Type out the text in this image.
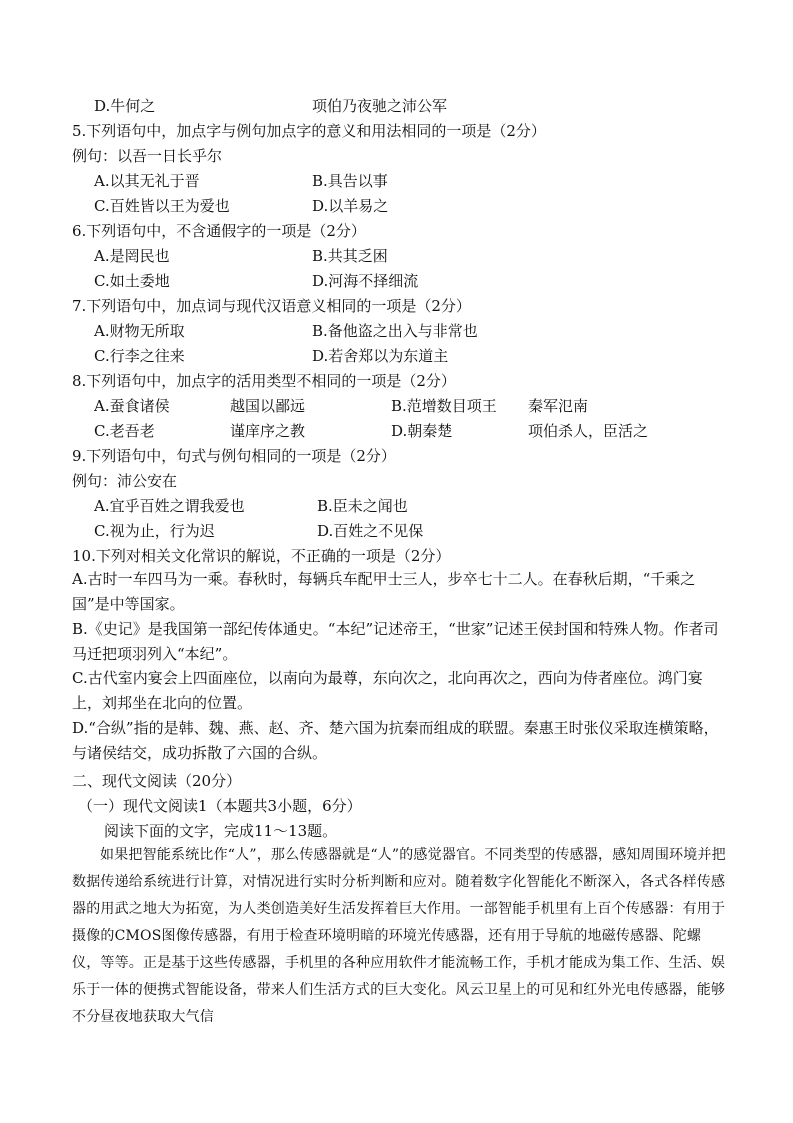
D.牛何之	项伯乃夜驰之沛公军
5.下列语句中，加点字与例句加点字的意义和用法相同的一项是（2分）
例句：以吾一日长乎尔
A.以其无礼于晋	B.具告以事
C.百姓皆以王为爱也	D.以羊易之
6.下列语句中，不含通假字的一项是（2分）
A.是罔民也	B.共其乏困
C.如土委地	D.河海不择细流
7.下列语句中，加点词与现代汉语意义相同的一项是（2分）
A.财物无所取	B.备他盗之出入与非常也
C.行李之往来	D.若舍郑以为东道主
8.下列语句中，加点字的活用类型不相同的一项是（2分）
A.蚕食诸侯	越国以鄙远	B.范增数目项王 秦军氾南
C.老吾老	谨庠序之教	D.朝秦楚	项伯杀人，臣活之
9.下列语句中，句式与例句相同的一项是（2分）
例句：沛公安在
A.宜乎百姓之谓我爱也	B.臣未之闻也
C.视为止，行为迟	D.百姓之不见保
10.下列对相关文化常识的解说，不正确的一项是（2分）
A.古时一车四马为一乘。春秋时，每辆兵车配甲士三人，步卒七十二人。在春秋后期，“千乘之国”是中等国家。
B.《史记》是我国第一部纪传体通史。“本纪”记述帝王，“世家”记述王侯封国和特殊人物。作者司马迁把项羽列入“本纪”。
C.古代室内宴会上四面座位，以南向为最尊，东向次之，北向再次之，西向为侍者座位。鸿门宴上，刘邦坐在北向的位置。
D.“合纵”指的是韩、魏、燕、赵、齐、楚六国为抗秦而组成的联盟。秦惠王时张仪采取连横策略，与诸侯结交，成功拆散了六国的合纵。
二、现代文阅读（20分）
（一）现代文阅读1（本题共3小题，6分）
阅读下面的文字，完成11～13题。
如果把智能系统比作“人”，那么传感器就是“人”的感觉器官。不同类型的传感器，感知周围环境并把数据传递给系统进行计算，对情况进行实时分析判断和应对。随着数字化智能化不断深入，各式各样传感器的用武之地大为拓宽，为人类创造美好生活发挥着巨大作用。一部智能手机里有上百个传感器：有用于摄像的CMOS图像传感器，有用于检查环境明暗的环境光传感器，还有用于导航的地磁传感器、陀螺仪，等等。正是基于这些传感器，手机里的各种应用软件才能流畅工作，手机才能成为集工作、生活、娱乐于一体的便携式智能设备，带来人们生活方式的巨大变化。风云卫星上的可见和红外光电传感器，能够不分昼夜地获取大气信
